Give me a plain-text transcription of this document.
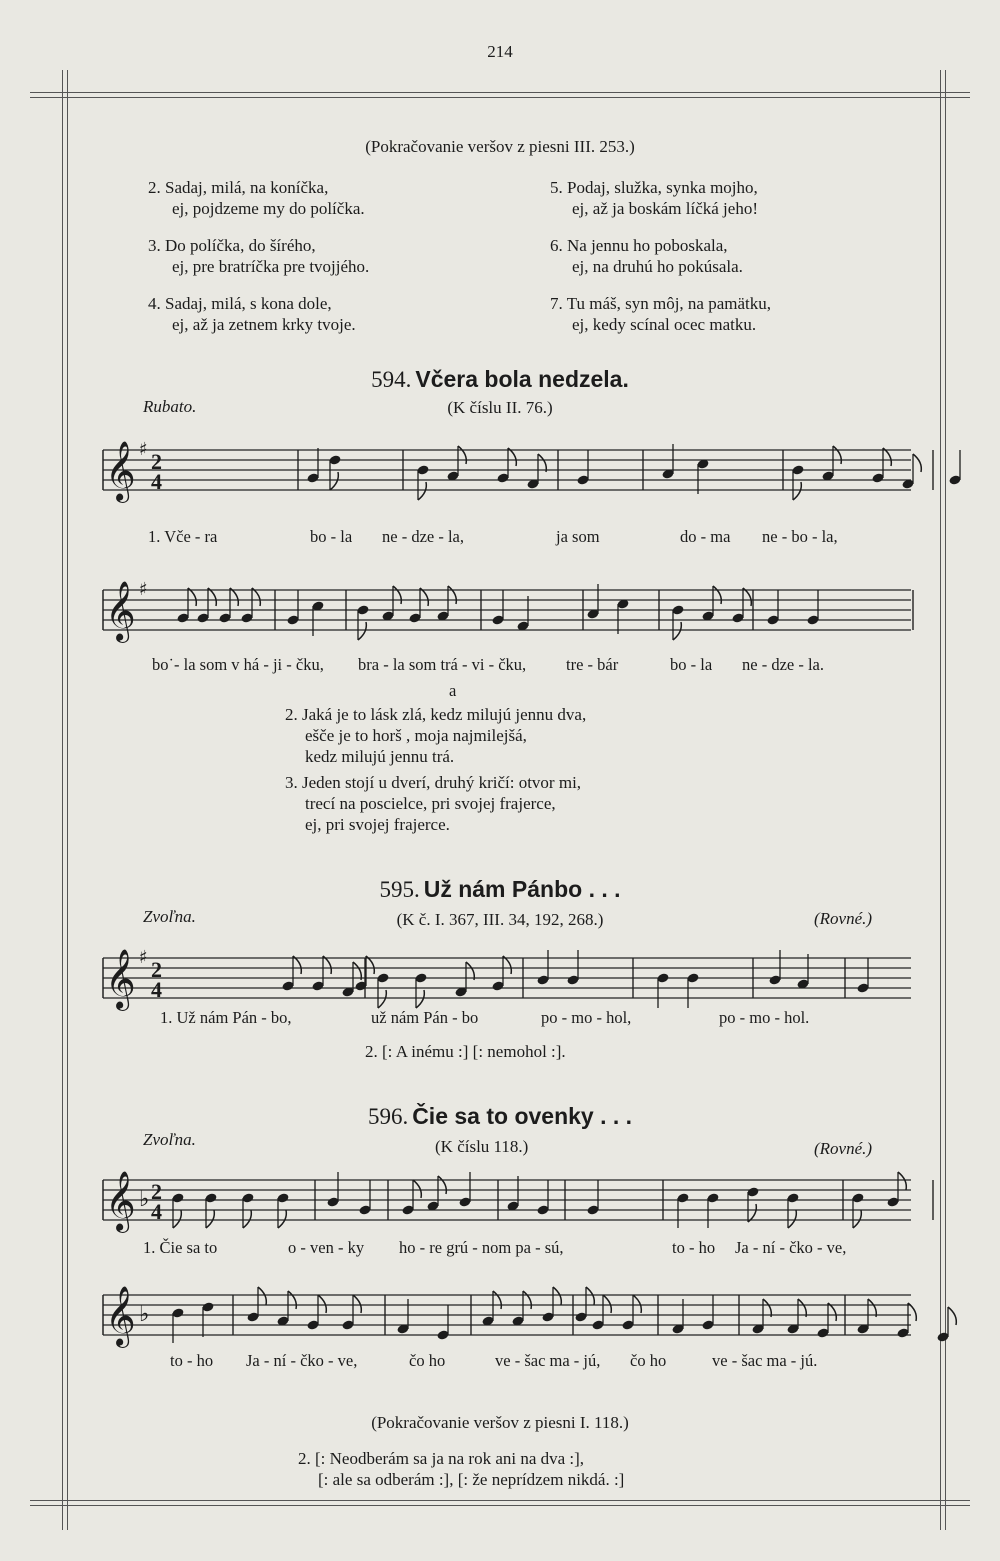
214
(Pokračovanie veršov z piesni III. 253.)
2. Sadaj, milá, na koníčka,
ej, pojdzeme my do políčka.
3. Do políčka, do šírého,
ej, pre bratríčka pre tvojjého.
4. Sadaj, milá, s kona dole,
ej, až ja zetnem krky tvoje.
5. Podaj, služka, synka mojho,
ej, až ja boskám líčká jeho!
6. Na jennu ho poboskala,
ej, na druhú ho pokúsala.
7. Tu máš, syn môj, na pamätku,
ej, kedy scínal ocec matku.
594. Včera bola nedzela.
Rubato.	(K číslu II. 76.)
𝄞 ♯ 2
4
1. Vče - ra	bo - la ne - dze - la,	ja som	do - ma ne - bo - la,
𝄞 ♯
bo˙- la som v há - ji - čku, bra - la som trá - vi - čku, tre - bár	bo - la ne - dze - la.
a
2. Jaká je to lásk zlá, kedz milujú jennu dva,
ešče je to horš , moja najmilejšá,
kedz milujú jennu trá.
3. Jeden stojí u dverí, druhý kričí: otvor mi,
trecí na poscielce, pri svojej frajerce,
ej, pri svojej frajerce.
595. Už nám Pánbo . . .
Zvoľna.	(K č. I. 367, III. 34, 192, 268.)	(Rovné.)
𝄞 ♯ 2
4
1. Už nám Pán - bo,	už nám Pán - bo	po - mo - hol,	po - mo - hol.
2. [: A inému :] [: nemohol :].
596. Čie sa to ovenky . . .
Zvoľna.	(K číslu 118.)	(Rovné.)
𝄞 ♭ 2
4
1. Čie sa to	o - ven - ky ho - re grú - nom pa - sú,	to - ho Ja - ní - čko - ve,
𝄞 ♭
to - ho Ja - ní - čko - ve,	čo ho	ve - šac ma - jú, čo ho	ve - šac ma - jú.
(Pokračovanie veršov z piesni I. 118.)
2. [: Neodberám sa ja na rok ani na dva :],
[: ale sa odberám :], [: že neprídzem nikdá. :]
